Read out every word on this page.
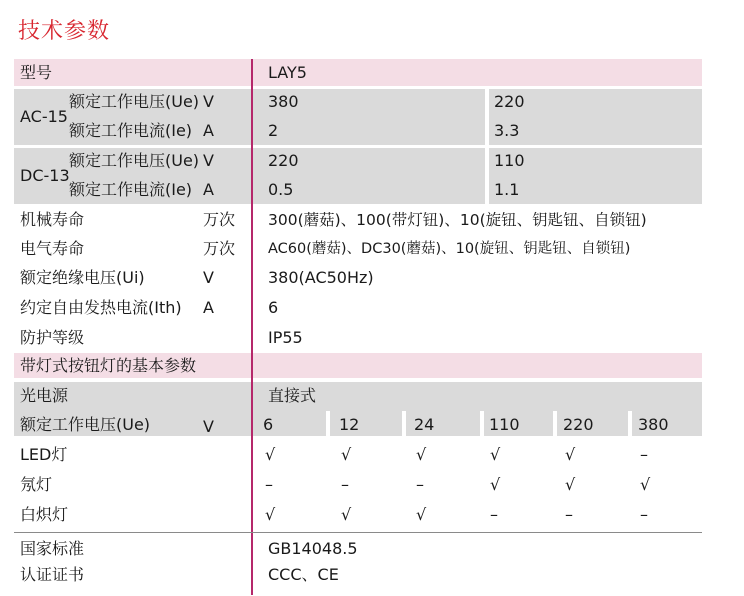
技术参数
型号	LAY5
AC-15
额定工作电压(Ue) V	380	220
额定工作电流(Ie) A	2	3.3
DC-13
额定工作电压(Ue) V	220	110
额定工作电流(Ie) A	0.5	1.1
机械寿命	万次 300(蘑菇)、100(带灯钮)、10(旋钮、钥匙钮、自锁钮)
电气寿命	万次 AC60(蘑菇)、DC30(蘑菇)、10(旋钮、钥匙钮、自锁钮)
额定绝缘电压(Ui)	V	380(AC50Hz)
约定自由发热电流(Ith) A	6
防护等级	IP55
带灯式按钮灯的基本参数
光电源	直接式
额定工作电压(Ue)	V	6	12	24	110	220	380
LED灯	√	√	√	√	√	–
氖灯	–	–	–	√	√	√
白炽灯	√	√	√	–	–	–
国家标准	GB14048.5
认证证书	CCC、CE
